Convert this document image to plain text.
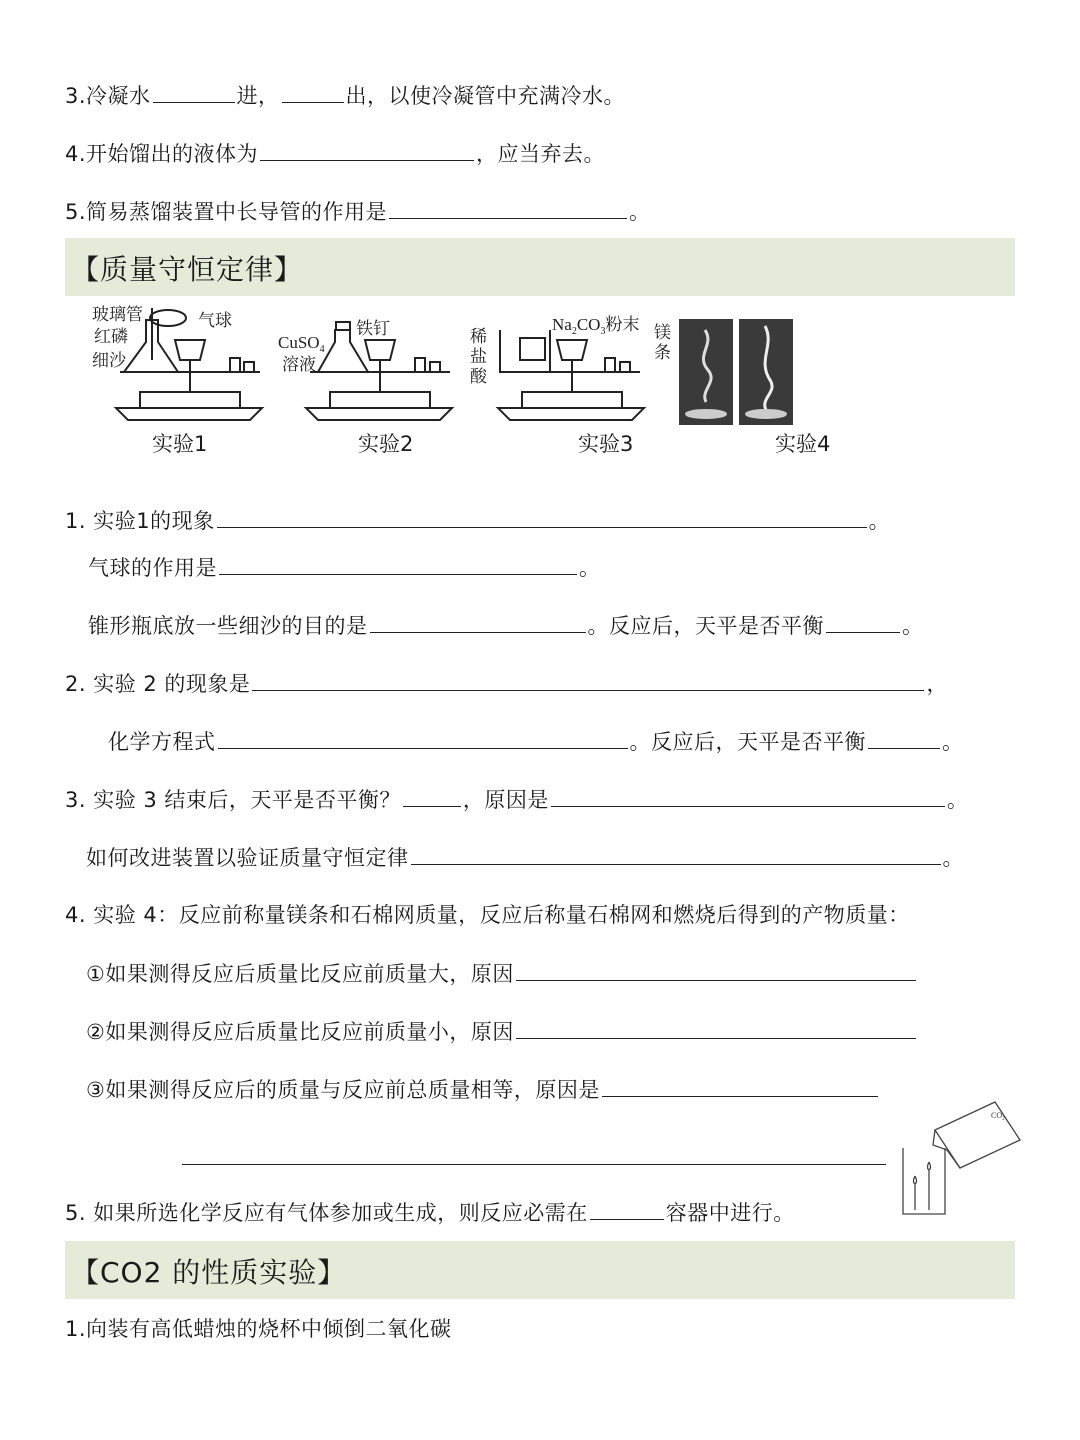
3.冷凝水	进，	出，以使冷凝管中充满冷水。
4.开始馏出的液体为	，应当弃去。
5.简易蒸馏装置中长导管的作用是	。
【质量守恒定律】
玻璃管	气球
红磷
细沙
CuSO$_4$
溶液
铁钉	$Na_2CO_3$粉末
稀
盐
酸
镁
条
实验1	实验2	实验3	实验4
1. 实验1的现象	。
气球的作用是	。
锥形瓶底放一些细沙的目的是	。反应后，天平是否平衡	。
2. 实验 2 的现象是	，
化学方程式	。反应后，天平是否平衡	。
3. 实验 3 结束后，天平是否平衡？	，原因是	。
如何改进装置以验证质量守恒定律	。
4. 实验 4：反应前称量镁条和石棉网质量，反应后称量石棉网和燃烧后得到的产物质量：
①如果测得反应后质量比反应前质量大，原因
②如果测得反应后质量比反应前质量小，原因
③如果测得反应后的质量与反应前总质量相等，原因是
$CO_2$
5. 如果所选化学反应有气体参加或生成，则反应必需在	容器中进行。
【CO2 的性质实验】
1.向装有高低蜡烛的烧杯中倾倒二氧化碳
